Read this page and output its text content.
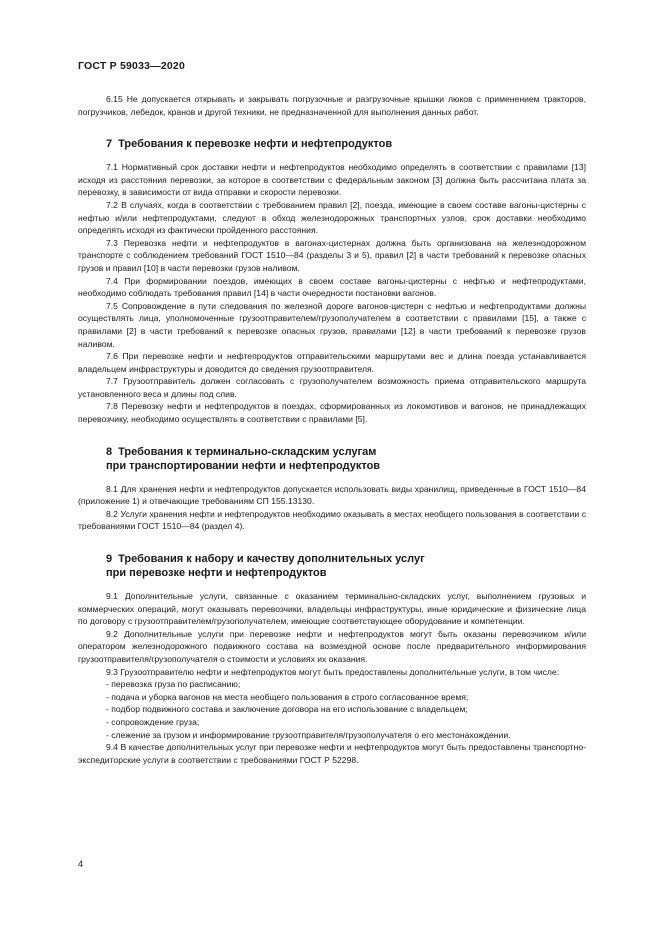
ГОСТ Р 59033—2020

6.15 Не допускается открывать и закрывать погрузочные и разгрузочные крышки люков с применением тракторов, погрузчиков, лебедок, кранов и другой техники, не предназначенной для выполнения данных работ.

7 Требования к перевозке нефти и нефтепродуктов

7.1 Нормативный срок доставки нефти и нефтепродуктов необходимо определять в соответствии с правилами [13] исходя из расстояния перевозки, за которое в соответствии с федеральным законом [3] должна быть рассчитана плата за перевозку, в зависимости от вида отправки и скорости перевозки.

7.2 В случаях, когда в соответствии с требованием правил [2], поезда, имеющие в своем составе вагоны-цистерны с нефтью и/или нефтепродуктами, следуют в обход железнодорожных транспортных узлов, срок доставки необходимо определять исходя из фактически пройденного расстояния.

7.3 Перевозка нефти и нефтепродуктов в вагонах-цистернах должна быть организована на железнодорожном транспорте с соблюдением требований ГОСТ 1510—84 (разделы 3 и 5), правил [2] в части требований к перевозке опасных грузов и правил [10] в части перевозки грузов наливом.

7.4 При формировании поездов, имеющих в своем составе вагоны-цистерны с нефтью и нефтепродуктами, необходимо соблюдать требования правил [14] в части очередности постановки вагонов.

7.5 Сопровождение в пути следования по железной дороге вагонов-цистерн с нефтью и нефтепродуктами должны осуществлять лица, уполномоченные грузоотправителем/грузополучателем в соответствии с правилами [15], а также с правилами [2] в части требований к перевозке опасных грузов, правилами [12] в части требований к перевозке грузов наливом.

7.6 При перевозке нефти и нефтепродуктов отправительскими маршрутами вес и длина поезда устанавливается владельцем инфраструктуры и доводится до сведения грузоотправителя.

7.7 Грузоотправитель должен согласовать с грузополучателем возможность приема отправительского маршрута установленного веса и длины под слив.

7.8 Перевозку нефти и нефтепродуктов в поездах, сформированных из локомотивов и вагонов, не принадлежащих перевозчику, необходимо осуществлять в соответствии с правилами [5].

8 Требования к терминально-складским услугам
при транспортировании нефти и нефтепродуктов

8.1 Для хранения нефти и нефтепродуктов допускается использовать виды хранилищ, приведенные в ГОСТ 1510—84 (приложение 1) и отвечающие требованиям СП 155.13130.

8.2 Услуги хранения нефти и нефтепродуктов необходимо оказывать в местах необщего пользования в соответствии с требованиями ГОСТ 1510—84 (раздел 4).

9 Требования к набору и качеству дополнительных услуг
при перевозке нефти и нефтепродуктов

9.1 Дополнительные услуги, связанные с оказанием терминально-складских услуг, выполнением грузовых и коммерческих операций, могут оказывать перевозчики, владельцы инфраструктуры, иные юридические и физические лица по договору с грузоотправителем/грузополучателем, имеющие соответствующее оборудование и компетенции.

9.2 Дополнительные услуги при перевозке нефти и нефтепродуктов могут быть оказаны перевозчиком и/или оператором железнодорожного подвижного состава на возмездной основе после предварительного информирования грузоотправителя/грузополучателя о стоимости и условиях их оказания.

9.3 Грузоотправителю нефти и нефтепродуктов могут быть предоставлены дополнительные услуги, в том числе:

- перевозка груза по расписанию;

- подача и уборка вагонов на места необщего пользования в строго согласованное время;

- подбор подвижного состава и заключение договора на его использование с владельцем;

- сопровождение груза;

- слежение за грузом и информирование грузоотправителя/грузополучателя о его местонахождении.

9.4 В качестве дополнительных услуг при перевозке нефти и нефтепродуктов могут быть предоставлены транспортно-экспедиторские услуги в соответствии с требованиями ГОСТ Р 52298.

4
